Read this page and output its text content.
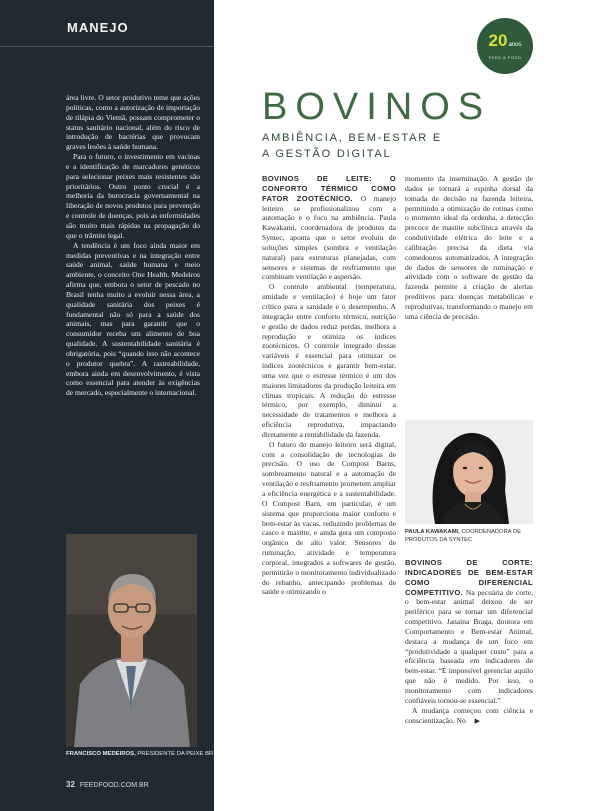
MANEJO

área livre. O setor produtivo teme que ações políticas, como a autorização de importação de tilápia do Vietnã, possam comprometer o status sanitário nacional, além do risco de introdução de bactérias que provocam graves lesões à saúde humana.

Para o futuro, o investimento em vacinas e a identificação de marcadores genéticos para selecionar peixes mais resistentes são prioritários. Outro ponto crucial é a melhoria da burocracia governamental na liberação de novos produtos para prevenção e controle de doenças, pois as enfermidades são muito mais rápidas na propagação do que o trâmite legal.

A tendência é um foco ainda maior em medidas preventivas e na integração entre saúde animal, saúde humana e meio ambiente, o conceito One Health. Medeiros afirma que, embora o setor de pescado no Brasil tenha muito a evoluir nessa área, a qualidade sanitária dos peixes é fundamental não só para a saúde dos animais, mas para garantir que o consumidor receba um alimento de boa qualidade. A sustentabilidade sanitária é obrigatória, pois “quando isso não acontece o produtor quebra”. A rastreabilidade, embora ainda em desenvolvimento, é vista como essencial para atender às exigências de mercado, especialmente o internacional.

FRANCISCO MEDEIROS, PRESIDENTE DA PEIXE BR
32 FEEDFOOD.COM.BR
20anos
FEED & FOOD
BOVINOS
AMBIÊNCIA, BEM-ESTAR E A GESTÃO DIGITAL

BOVINOS DE LEITE: O CONFORTO TÉRMICO COMO FATOR ZOOTÉCNICO. O manejo leiteiro se profissionalizou com a automação e o foco na ambiência. Paula Kawakami, coordenadora de produtos da Syntec, aponta que o setor evoluiu de soluções simples (sombra e ventilação natural) para estruturas planejadas, com sensores e sistemas de resfriamento que combinam ventilação e aspersão.

O controle ambiental (temperatura, umidade e ventilação) é hoje um fator crítico para a sanidade e o desempenho. A integração entre conforto térmico, nutrição e gestão de dados reduz perdas, melhora a reprodução e otimiza os índices zootécnicos. O controle integrado dessas variáveis é essencial para otimizar os índices zootécnicos e garantir bem-estar, uma vez que o estresse térmico é um dos maiores limitadores da produção leiteira em climas tropicais. A redução do estresse térmico, por exemplo, diminui a necessidade de tratamentos e melhora a eficiência reprodutiva, impactando diretamente a rentabilidade da fazenda.

O futuro do manejo leiteiro será digital, com a consolidação de tecnologias de precisão. O uso de Compost Barns, sombreamento natural e a automação de ventilação e resfriamento prometem ampliar a eficiência energética e a sustentabilidade. O Compost Barn, em particular, é um sistema que proporciona maior conforto e bem-estar às vacas, reduzindo problemas de casco e mastite, e ainda gera um composto orgânico de alto valor. Sensores de ruminação, atividade e temperatura corporal, integrados a softwares de gestão, permitirão o monitoramento individualizado do rebanho, antecipando problemas de saúde e otimizando o

momento da inseminação. A gestão de dados se tornará a espinha dorsal da tomada de decisão na fazenda leiteira, permitindo a otimização de rotinas como o momento ideal da ordenha, a detecção precoce de mastite subclínica através da condutividade elétrica do leite e a calibração precisa da dieta via comedouros automatizados. A integração de dados de sensores de ruminação e atividade com o software de gestão da fazenda permite a criação de alertas preditivos para doenças metabólicas e reprodutivas, transformando o manejo em uma ciência de precisão.

PAULA KAWAKAMI, COORDENADORA DE PRODUTOS DA SYNTEC

BOVINOS DE CORTE: INDICADORES DE BEM-ESTAR COMO DIFERENCIAL COMPETITIVO. Na pecuária de corte, o bem-estar animal deixou de ser periférico para se tornar um diferencial competitivo. Janaína Braga, doutora em Comportamento e Bem-estar Animal, destaca a mudança de um foco em “produtividade a qualquer custo” para a eficiência baseada em indicadores de bem-estar. “É impossível gerenciar aquilo que não é medido. Por isso, o monitoramento com indicadores confiáveis tornou-se essencial.”

A mudança começou com ciência e conscientização. No ▶
